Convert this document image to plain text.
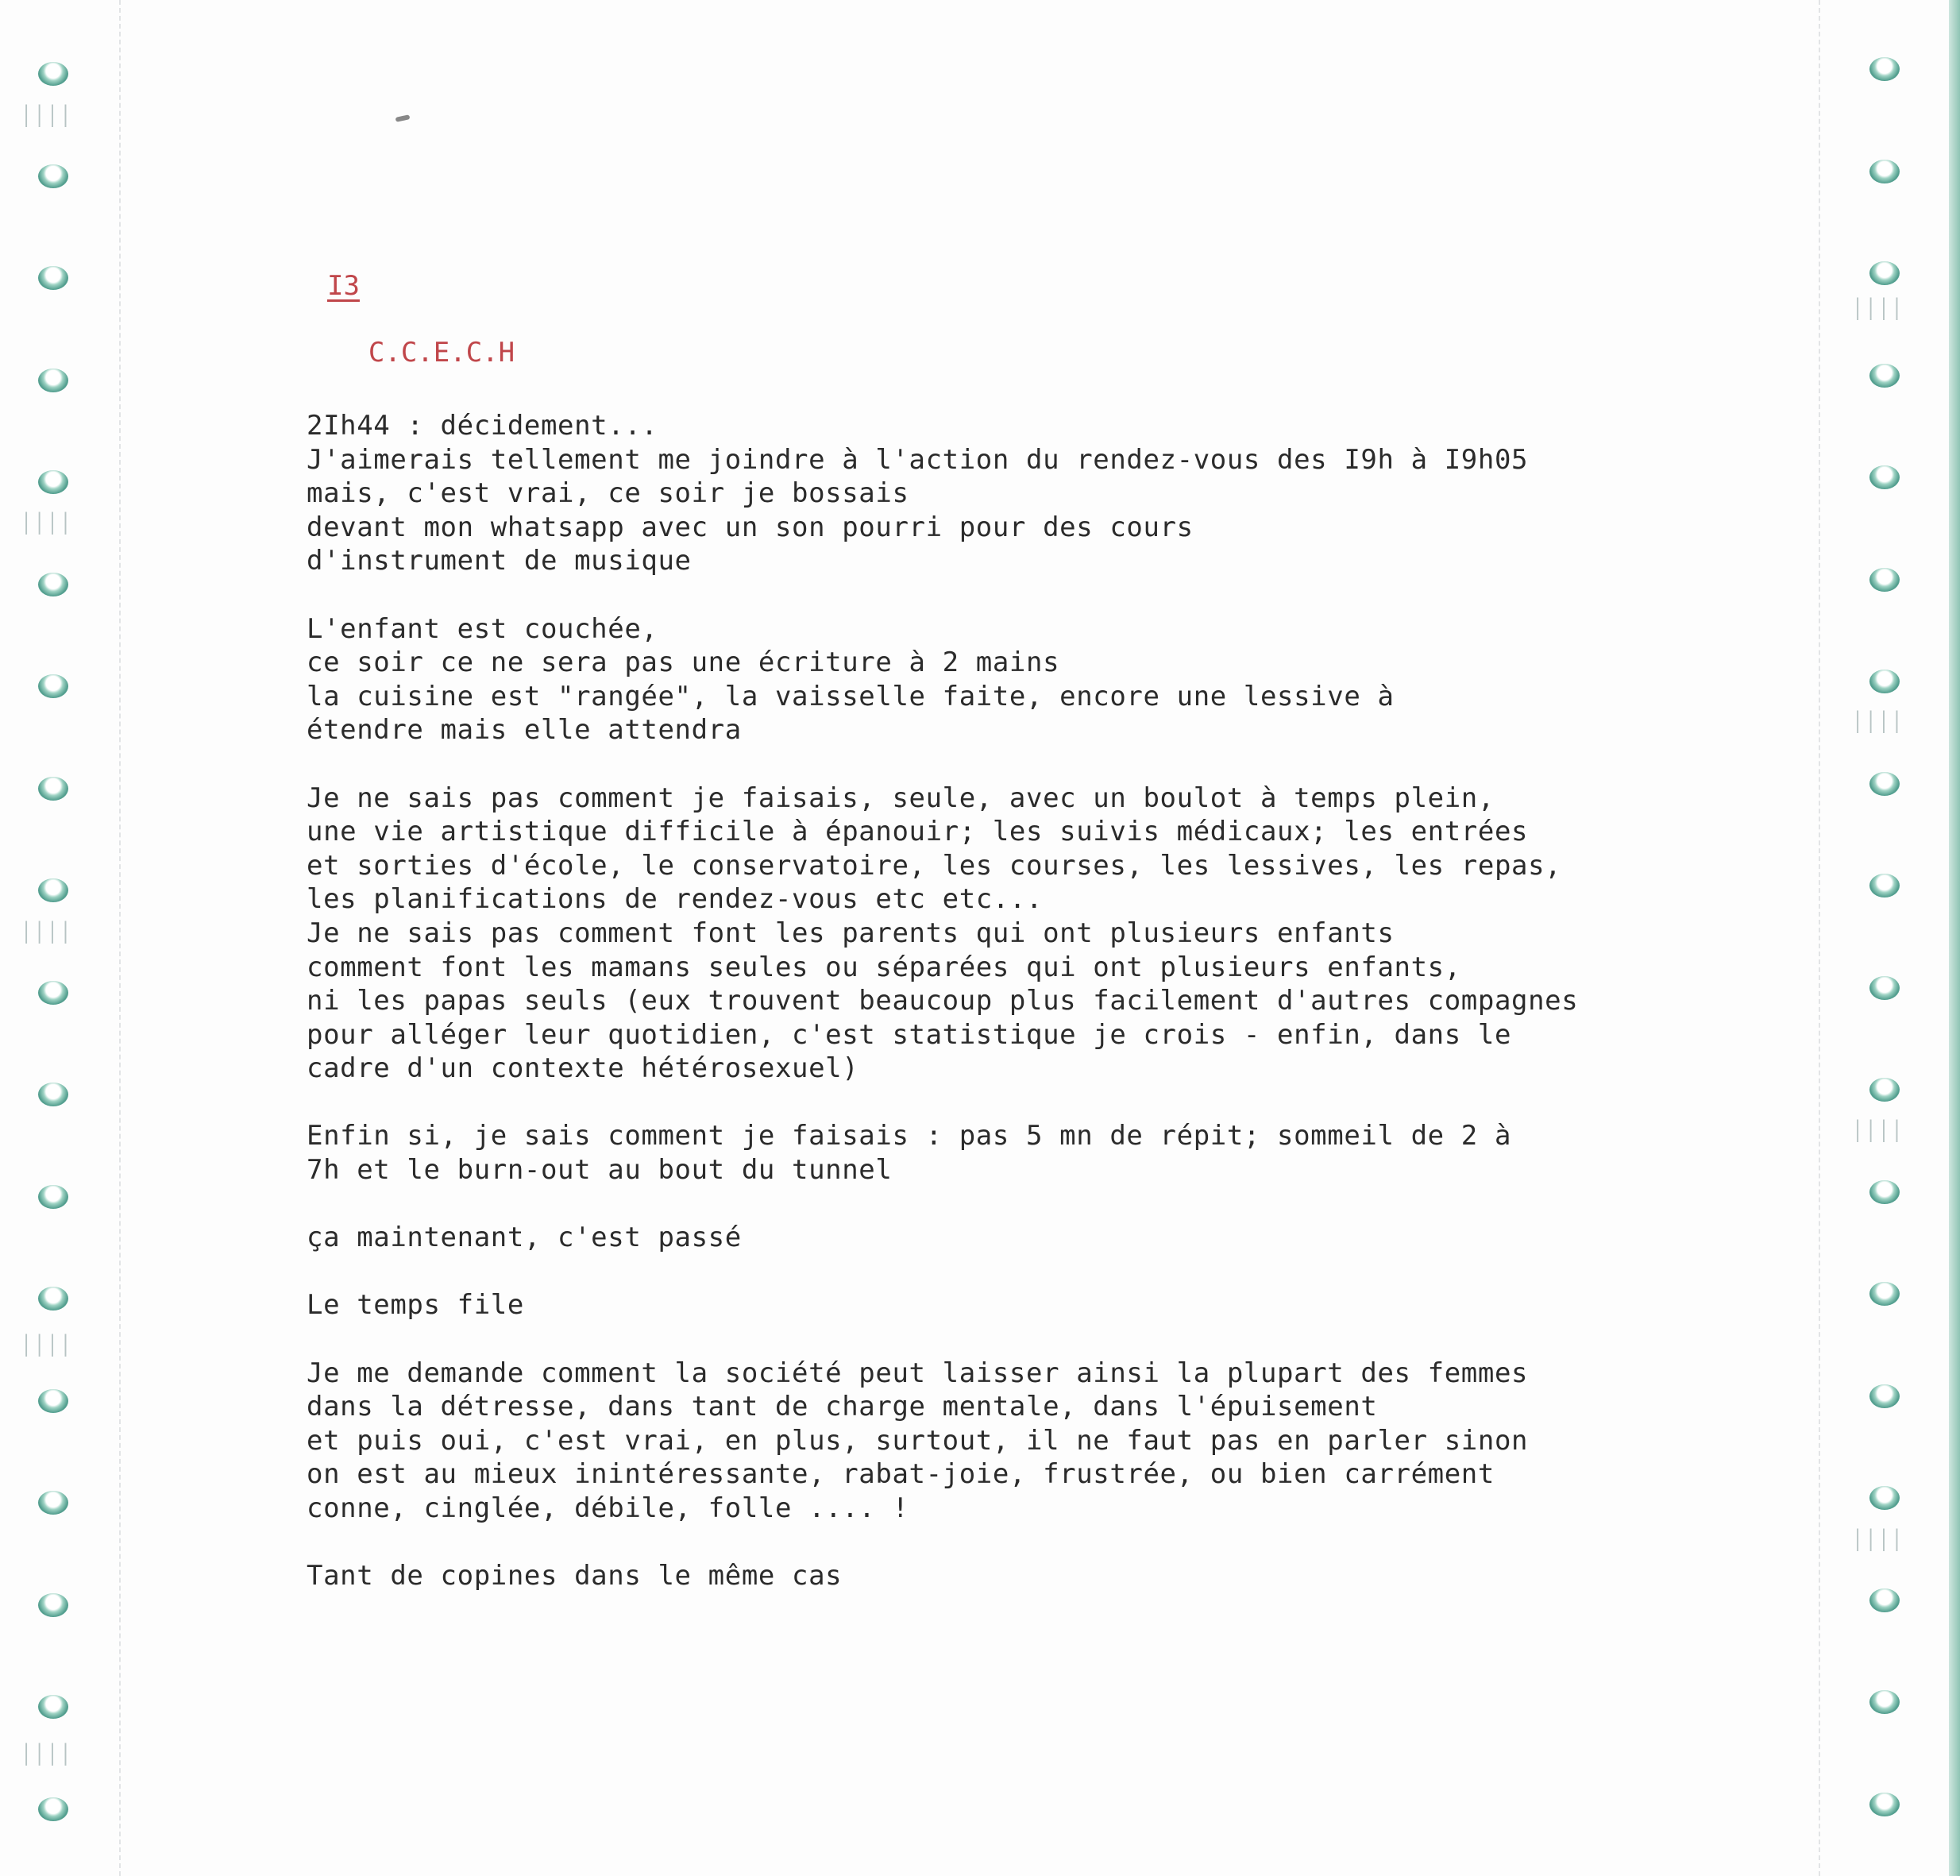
││││
││││
││││
││││
││││
││││
││││
││││
││││

I3

C.C.E.C.H

2Ih44 : décidement...
J'aimerais tellement me joindre à l'action du rendez-vous des I9h à I9h05
mais, c'est vrai, ce soir je bossais
devant mon whatsapp avec un son pourri pour des cours
d'instrument de musique
L'enfant est couchée,
ce soir ce ne sera pas une écriture à 2 mains
la cuisine est "rangée", la vaisselle faite, encore une lessive à
étendre mais elle attendra
Je ne sais pas comment je faisais, seule, avec un boulot à temps plein,
une vie artistique difficile à épanouir; les suivis médicaux; les entrées
et sorties d'école, le conservatoire, les courses, les lessives, les repas,
les planifications de rendez-vous etc etc...
Je ne sais pas comment font les parents qui ont plusieurs enfants
comment font les mamans seules ou séparées qui ont plusieurs enfants,
ni les papas seuls (eux trouvent beaucoup plus facilement d'autres compagnes
pour alléger leur quotidien, c'est statistique je crois - enfin, dans le
cadre d'un contexte hétérosexuel)
Enfin si, je sais comment je faisais : pas 5 mn de répit; sommeil de 2 à
7h et le burn-out au bout du tunnel
ça maintenant, c'est passé
Le temps file
Je me demande comment la société peut laisser ainsi la plupart des femmes
dans la détresse, dans tant de charge mentale, dans l'épuisement
et puis oui, c'est vrai, en plus, surtout, il ne faut pas en parler sinon
on est au mieux inintéressante, rabat-joie, frustrée, ou bien carrément
conne, cinglée, débile, folle .... !
Tant de copines dans le même cas
